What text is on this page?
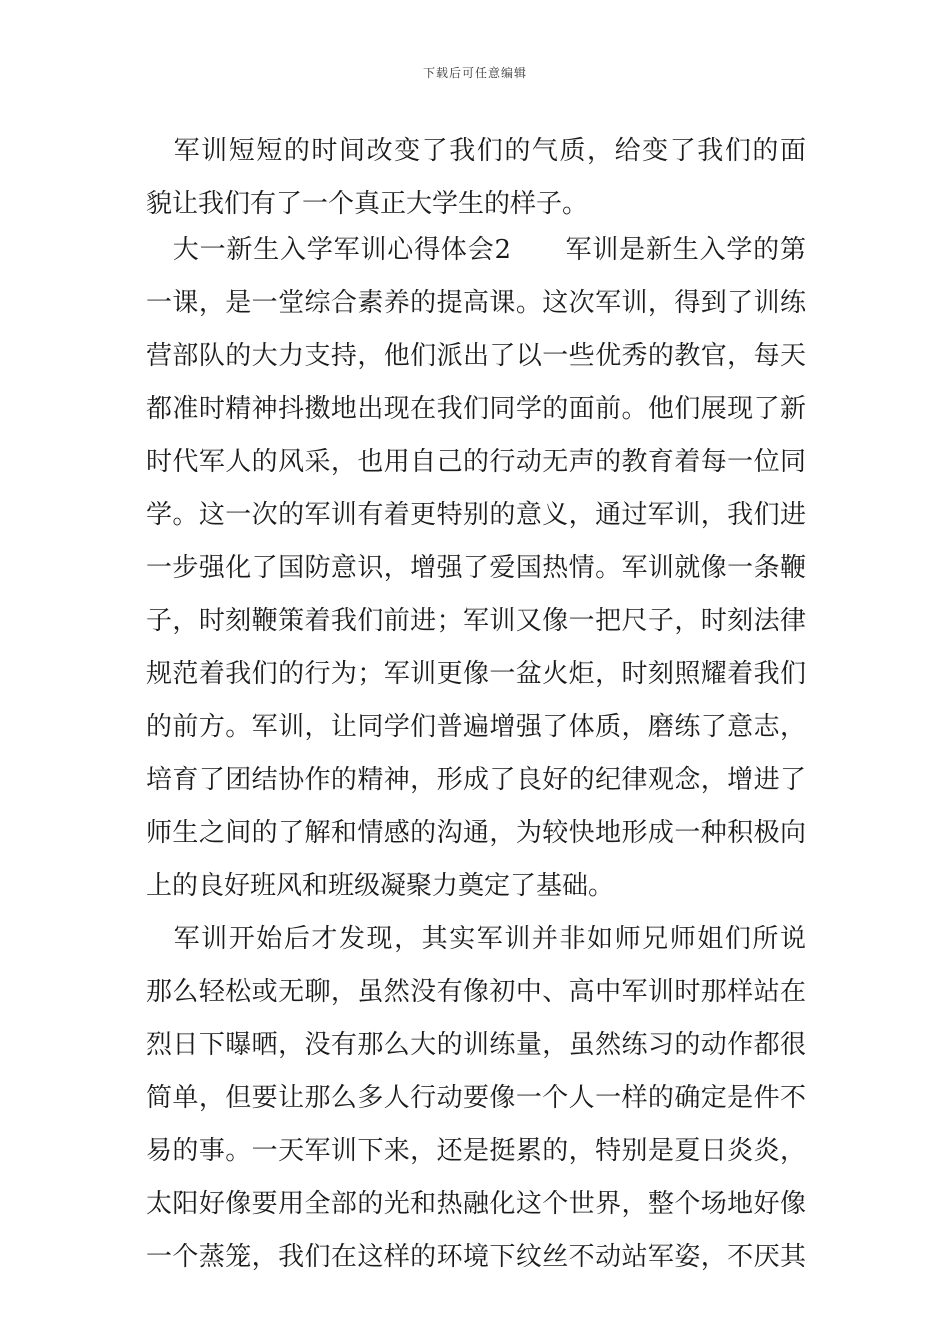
下载后可任意编辑
　军训短短的时间改变了我们的气质，给变了我们的面
貌让我们有了一个真正大学生的样子。
　大一新生入学军训心得体会2　　军训是新生入学的第
一课，是一堂综合素养的提高课。这次军训，得到了训练
营部队的大力支持，他们派出了以一些优秀的教官，每天
都准时精神抖擞地出现在我们同学的面前。他们展现了新
时代军人的风采，也用自己的行动无声的教育着每一位同
学。这一次的军训有着更特别的意义，通过军训，我们进
一步强化了国防意识，增强了爱国热情。军训就像一条鞭
子，时刻鞭策着我们前进；军训又像一把尺子，时刻法律
规范着我们的行为；军训更像一盆火炬，时刻照耀着我们
的前方。军训，让同学们普遍增强了体质，磨练了意志，
培育了团结协作的精神，形成了良好的纪律观念，增进了
师生之间的了解和情感的沟通，为较快地形成一种积极向
上的良好班风和班级凝聚力奠定了基础。
　军训开始后才发现，其实军训并非如师兄师姐们所说
那么轻松或无聊，虽然没有像初中、高中军训时那样站在
烈日下曝晒，没有那么大的训练量，虽然练习的动作都很
简单，但要让那么多人行动要像一个人一样的确定是件不
易的事。一天军训下来，还是挺累的，特别是夏日炎炎，
太阳好像要用全部的光和热融化这个世界，整个场地好像
一个蒸笼，我们在这样的环境下纹丝不动站军姿，不厌其
